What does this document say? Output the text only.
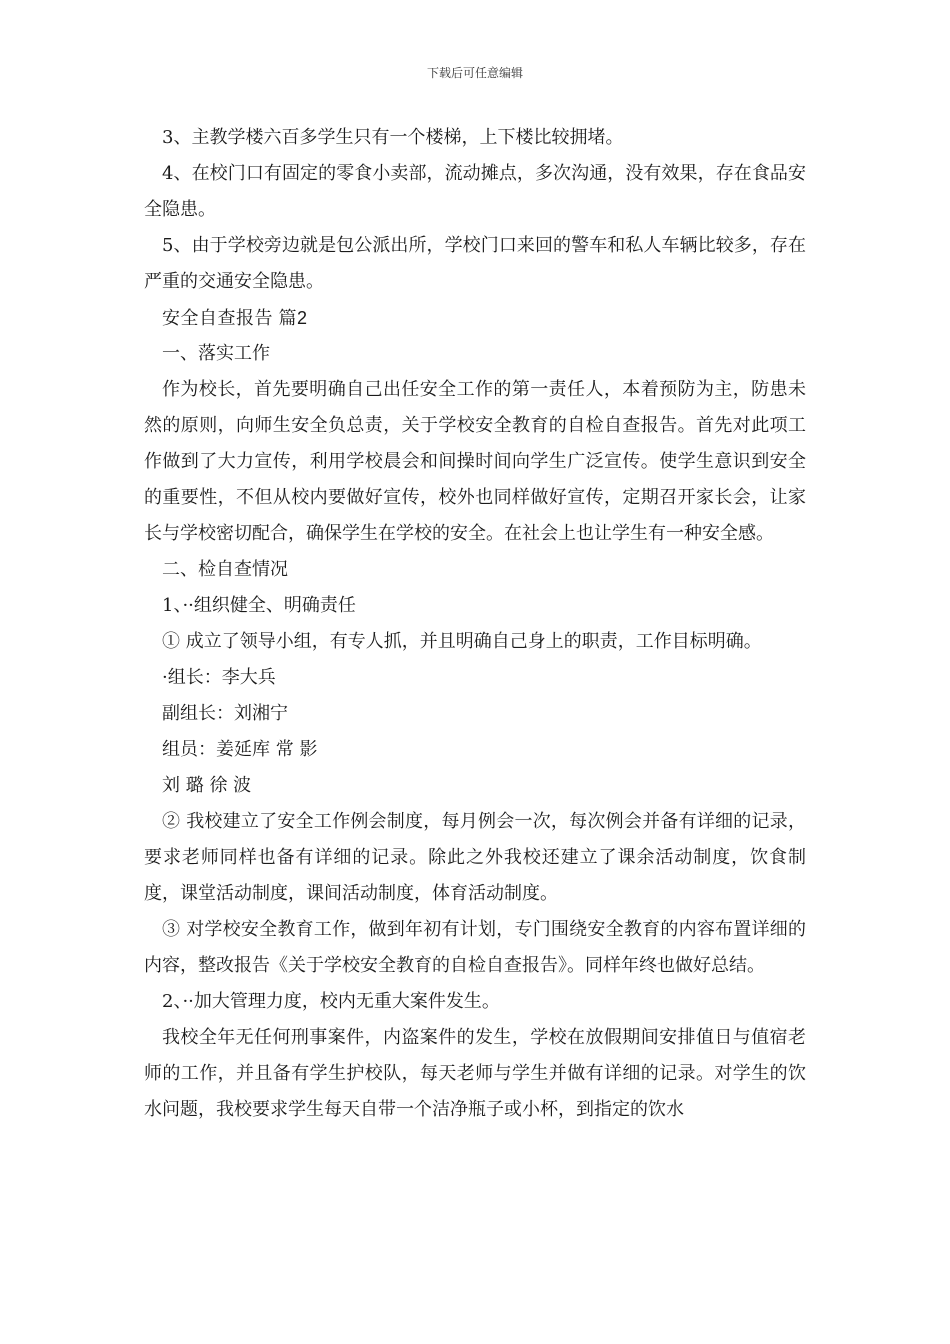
下载后可任意编辑

3、主教学楼六百多学生只有一个楼梯，上下楼比较拥堵。

4、在校门口有固定的零食小卖部，流动摊点，多次沟通，没有效果，存在食品安全隐患。

5、由于学校旁边就是包公派出所，学校门口来回的警车和私人车辆比较多，存在严重的交通安全隐患。

安全自查报告 篇2

一、落实工作

作为校长，首先要明确自己出任安全工作的第一责任人，本着预防为主，防患未然的原则，向师生安全负总责，关于学校安全教育的自检自查报告。首先对此项工作做到了大力宣传，利用学校晨会和间操时间向学生广泛宣传。使学生意识到安全的重要性，不但从校内要做好宣传，校外也同样做好宣传，定期召开家长会，让家长与学校密切配合，确保学生在学校的安全。在社会上也让学生有一种安全感。

二、检自查情况

1、··组织健全、明确责任

① 成立了领导小组，有专人抓，并且明确自己身上的职责，工作目标明确。

·组长：李大兵

副组长：刘湘宁

组员：姜延库 常 影

刘 璐 徐 波

② 我校建立了安全工作例会制度，每月例会一次，每次例会并备有详细的记录，要求老师同样也备有详细的记录。除此之外我校还建立了课余活动制度，饮食制度，课堂活动制度，课间活动制度，体育活动制度。

③ 对学校安全教育工作，做到年初有计划，专门围绕安全教育的内容布置详细的内容，整改报告《关于学校安全教育的自检自查报告》。同样年终也做好总结。

2、··加大管理力度，校内无重大案件发生。

我校全年无任何刑事案件，内盗案件的发生，学校在放假期间安排值日与值宿老师的工作，并且备有学生护校队，每天老师与学生并做有详细的记录。对学生的饮水问题，我校要求学生每天自带一个洁净瓶子或小杯，到指定的饮水
